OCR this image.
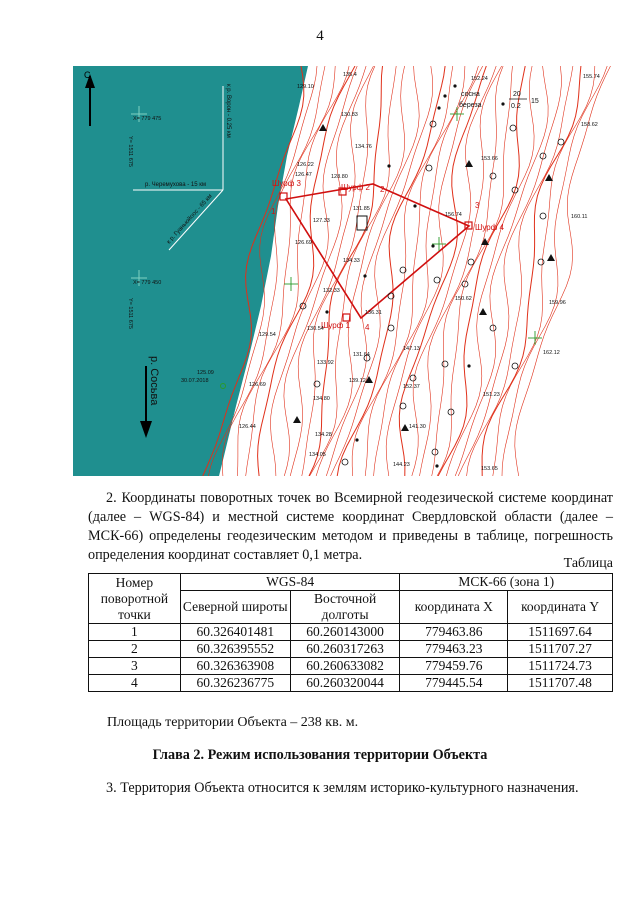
4
С
к р. Ворон - 0.25 км
р. Черемухова - 15 км
к р. Гуаньюйоос - 65 км
X= 779 475
Y= 1511 675
X= 779 450
Y= 1511 675
р. Сосьва	125.09
30.07.2018
Шурф 3	Шурф 2
Шурф 4
Шурф 1
1
2
3
4
сосна
береза
20
0.2
15
155.74
152.24
158.62
153.66
160.11
159.96
162.12
151.23
153.65
150.62
136.31
135.4
130.83
129.10
134.76
126.22
128.80
126.47
127.33
131.85
126.69
134.33
132.33
130.54
129.54
131.64
133.92
126.69
134.80
139.12
141.30
126.44
134.28
134.05
144.23
156.74
147.13
152.37
2. Координаты поворотных точек во Всемирной геодезической системе координат (далее – WGS-84) и местной системе координат Свердловской области (далее – МСК-66) определены геодезическим методом и приведены в таблице, погрешность определения координат составляет 0,1 метра.
Таблица
Номер поворотной точки	WGS-84		МСК-66 (зона 1)	
	Северной широты	Восточной долготы	координата X	координата Y
1	60.326401481	60.260143000	779463.86	1511697.64
2	60.326395552	60.260317263	779463.23	1511707.27
3	60.326363908	60.260633082	779459.76	1511724.73
4	60.326236775	60.260320044	779445.54	1511707.48
Площадь территории Объекта – 238 кв. м.
Глава 2. Режим использования территории Объекта
3. Территория Объекта относится к землям историко-культурного назначения.
